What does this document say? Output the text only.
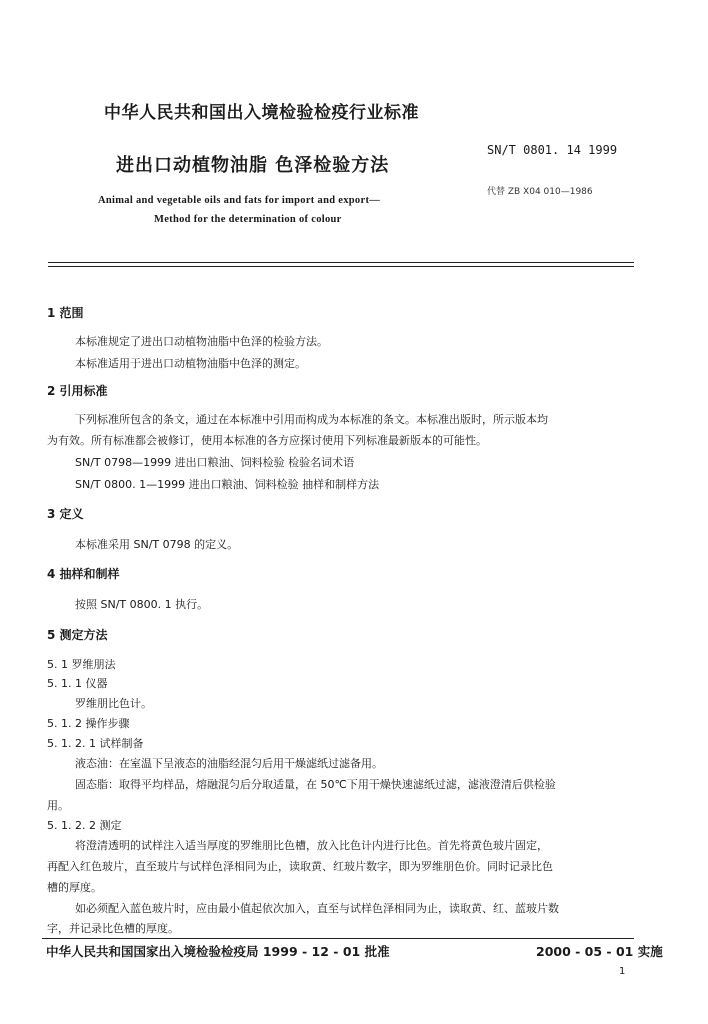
中华人民共和国出入境检验检疫行业标准
SN/T 0801. 14 1999
进出口动植物油脂 色泽检验方法
代替 ZB X04 010—1986
Animal and vegetable oils and fats for import and export—
Method for the determination of colour
1 范围
本标准规定了进出口动植物油脂中色泽的检验方法。
本标准适用于进出口动植物油脂中色泽的测定。
2 引用标准
下列标准所包含的条文，通过在本标准中引用而构成为本标准的条文。本标准出版时，所示版本均
为有效。所有标准都会被修订，使用本标准的各方应探讨使用下列标准最新版本的可能性。
SN/T 0798—1999 进出口粮油、饲料检验 检验名词术语
SN/T 0800. 1—1999 进出口粮油、饲料检验 抽样和制样方法
3 定义
本标准采用 SN/T 0798 的定义。
4 抽样和制样
按照 SN/T 0800. 1 执行。
5 测定方法
5. 1 罗维朋法
5. 1. 1 仪器
罗维朋比色计。
5. 1. 2 操作步骤
5. 1. 2. 1 试样制备
液态油：在室温下呈液态的油脂经混匀后用干燥滤纸过滤备用。
固态脂：取得平均样品，熔融混匀后分取适量，在 50℃下用干燥快速滤纸过滤，滤液澄清后供检验
用。
5. 1. 2. 2 测定
将澄清透明的试样注入适当厚度的罗维朋比色槽，放入比色计内进行比色。首先将黄色玻片固定，
再配入红色玻片，直至玻片与试样色泽相同为止，读取黄、红玻片数字，即为罗维朋色价。同时记录比色
槽的厚度。
如必须配入蓝色玻片时，应由最小值起依次加入，直至与试样色泽相同为止，读取黄、红、蓝玻片数
字，并记录比色槽的厚度。
中华人民共和国国家出入境检验检疫局 1999 - 12 - 01 批准	2000 - 05 - 01 实施
1
